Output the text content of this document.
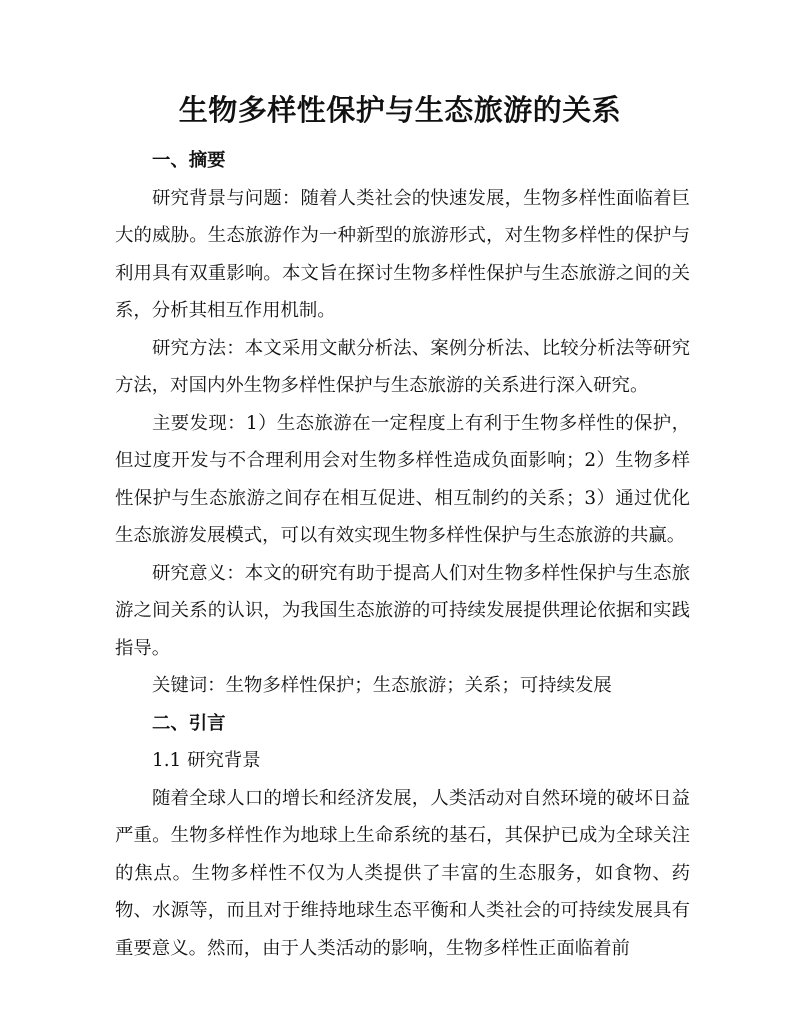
生物多样性保护与生态旅游的关系
一、摘要

研究背景与问题：随着人类社会的快速发展，生物多样性面临着巨大的威胁。生态旅游作为一种新型的旅游形式，对生物多样性的保护与利用具有双重影响。本文旨在探讨生物多样性保护与生态旅游之间的关系，分析其相互作用机制。

研究方法：本文采用文献分析法、案例分析法、比较分析法等研究方法，对国内外生物多样性保护与生态旅游的关系进行深入研究。

主要发现：1）生态旅游在一定程度上有利于生物多样性的保护，但过度开发与不合理利用会对生物多样性造成负面影响；2）生物多样性保护与生态旅游之间存在相互促进、相互制约的关系；3）通过优化生态旅游发展模式，可以有效实现生物多样性保护与生态旅游的共赢。

研究意义：本文的研究有助于提高人们对生物多样性保护与生态旅游之间关系的认识，为我国生态旅游的可持续发展提供理论依据和实践指导。

关键词：生物多样性保护；生态旅游；关系；可持续发展

二、引言

1.1 研究背景

随着全球人口的增长和经济发展，人类活动对自然环境的破坏日益严重。生物多样性作为地球上生命系统的基石，其保护已成为全球关注的焦点。生物多样性不仅为人类提供了丰富的生态服务，如食物、药物、水源等，而且对于维持地球生态平衡和人类社会的可持续发展具有重要意义。然而，由于人类活动的影响，生物多样性正面临着前
